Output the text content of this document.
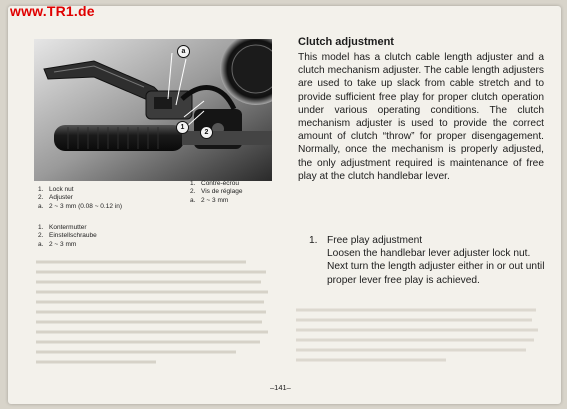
www.TR1.de
a
1
2
1. Lock nut
2. Adjuster
a. 2 ~ 3 mm (0.08 ~ 0.12 in)
1. Contre-écrou
2. Vis de réglage
a. 2 ~ 3 mm
1. Kontermutter
2. Einstellschraube
a. 2 ~ 3 mm
Clutch adjustment
This model has a clutch cable length adjuster and a clutch mechanism adjuster. The cable length adjusters are used to take up slack from cable stretch and to provide sufficient free play for proper clutch operation under various operating conditions. The clutch mechanism adjuster is used to provide the correct amount of clutch “throw” for proper disengagement. Normally, once the mechanism is properly adjusted, the only adjustment required is maintenance of free play at the clutch handlebar lever.
1. Free play adjustment
Loosen the handlebar lever adjuster lock nut. Next turn the length adjuster either in or out until proper lever free play is achieved.
–141–
